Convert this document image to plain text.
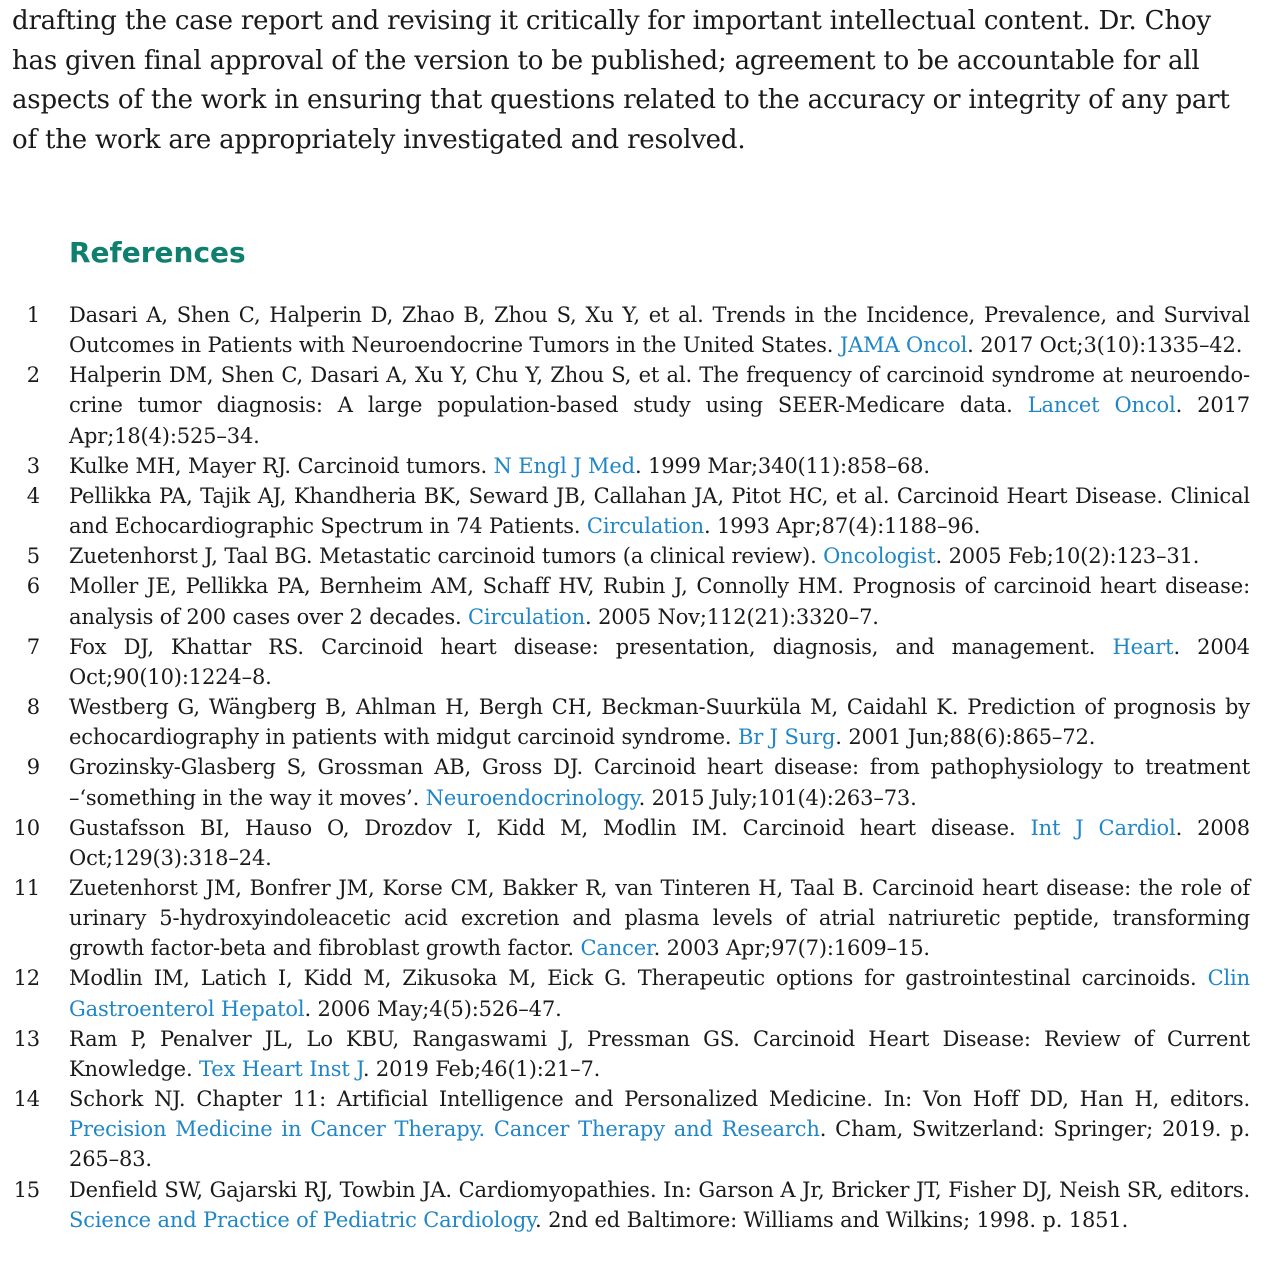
drafting the case report and revising it critically for important intellectual content. Dr. Choy has given final approval of the version to be published; agreement to be accountable for all aspects of the work in ensuring that questions related to the accuracy or integrity of any part of the work are appropriately investigated and resolved.

References
1 Dasari A, Shen C, Halperin D, Zhao B, Zhou S, Xu Y, et al. Trends in the Incidence, Prevalence, and Survival Outcomes in Patients with Neuroendocrine Tumors in the United States. JAMA Oncol. 2017 Oct;3(10):1335–42.
2 Halperin DM, Shen C, Dasari A, Xu Y, Chu Y, Zhou S, et al. The frequency of carcinoid syndrome at neuroendo-crine tumor diagnosis: A large population-based study using SEER-Medicare data. Lancet Oncol. 2017 Apr;18(4):525–34.
3 Kulke MH, Mayer RJ. Carcinoid tumors. N Engl J Med. 1999 Mar;340(11):858–68.
4 Pellikka PA, Tajik AJ, Khandheria BK, Seward JB, Callahan JA, Pitot HC, et al. Carcinoid Heart Disease. Clinical and Echocardiographic Spectrum in 74 Patients. Circulation. 1993 Apr;87(4):1188–96.
5 Zuetenhorst J, Taal BG. Metastatic carcinoid tumors (a clinical review). Oncologist. 2005 Feb;10(2):123–31.
6 Moller JE, Pellikka PA, Bernheim AM, Schaff HV, Rubin J, Connolly HM. Prognosis of carcinoid heart disease: analysis of 200 cases over 2 decades. Circulation. 2005 Nov;112(21):3320–7.
7 Fox DJ, Khattar RS. Carcinoid heart disease: presentation, diagnosis, and management. Heart. 2004 Oct;90(10):1224–8.
8 Westberg G, Wängberg B, Ahlman H, Bergh CH, Beckman-Suurküla M, Caidahl K. Prediction of prognosis by echocardiography in patients with midgut carcinoid syndrome. Br J Surg. 2001 Jun;88(6):865–72.
9 Grozinsky-Glasberg S, Grossman AB, Gross DJ. Carcinoid heart disease: from pathophysiology to treatment –‘something in the way it moves’. Neuroendocrinology. 2015 July;101(4):263–73.
10 Gustafsson BI, Hauso O, Drozdov I, Kidd M, Modlin IM. Carcinoid heart disease. Int J Cardiol. 2008 Oct;129(3):318–24.
11 Zuetenhorst JM, Bonfrer JM, Korse CM, Bakker R, van Tinteren H, Taal B. Carcinoid heart disease: the role of urinary 5-hydroxyindoleacetic acid excretion and plasma levels of atrial natriuretic peptide, transforming growth factor-beta and fibroblast growth factor. Cancer. 2003 Apr;97(7):1609–15.
12 Modlin IM, Latich I, Kidd M, Zikusoka M, Eick G. Therapeutic options for gastrointestinal carcinoids. Clin Gastroenterol Hepatol. 2006 May;4(5):526–47.
13 Ram P, Penalver JL, Lo KBU, Rangaswami J, Pressman GS. Carcinoid Heart Disease: Review of Current Knowledge. Tex Heart Inst J. 2019 Feb;46(1):21–7.
14 Schork NJ. Chapter 11: Artificial Intelligence and Personalized Medicine. In: Von Hoff DD, Han H, editors. Precision Medicine in Cancer Therapy. Cancer Therapy and Research. Cham, Switzerland: Springer; 2019. p. 265–83.
15 Denfield SW, Gajarski RJ, Towbin JA. Cardiomyopathies. In: Garson A Jr, Bricker JT, Fisher DJ, Neish SR, editors. Science and Practice of Pediatric Cardiology. 2nd ed Baltimore: Williams and Wilkins; 1998. p. 1851.
